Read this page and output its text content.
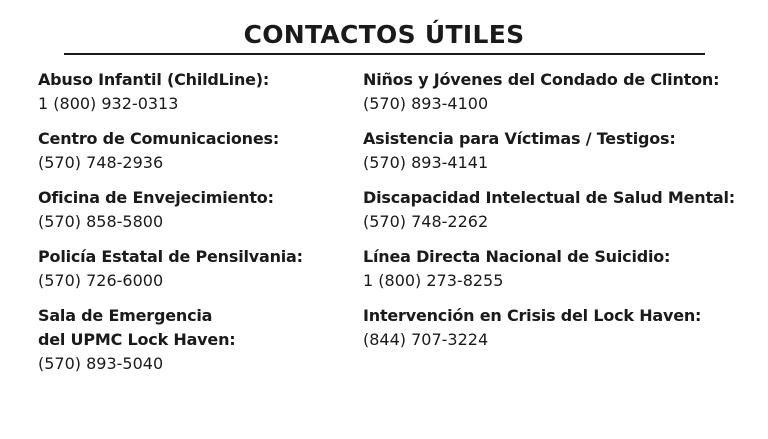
CONTACTOS ÚTILES
Abuso Infantil (ChildLine):
1 (800) 932-0313
Centro de Comunicaciones:
(570) 748-2936
Oficina de Envejecimiento:
(570) 858-5800
Policía Estatal de Pensilvania:
(570) 726-6000
Sala de Emergencia
del UPMC Lock Haven:
(570) 893-5040
Niños y Jóvenes del Condado de Clinton:
(570) 893-4100
Asistencia para Víctimas / Testigos:
(570) 893-4141
Discapacidad Intelectual de Salud Mental:
(570) 748-2262
Línea Directa Nacional de Suicidio:
1 (800) 273-8255
Intervención en Crisis del Lock Haven:
(844) 707-3224
